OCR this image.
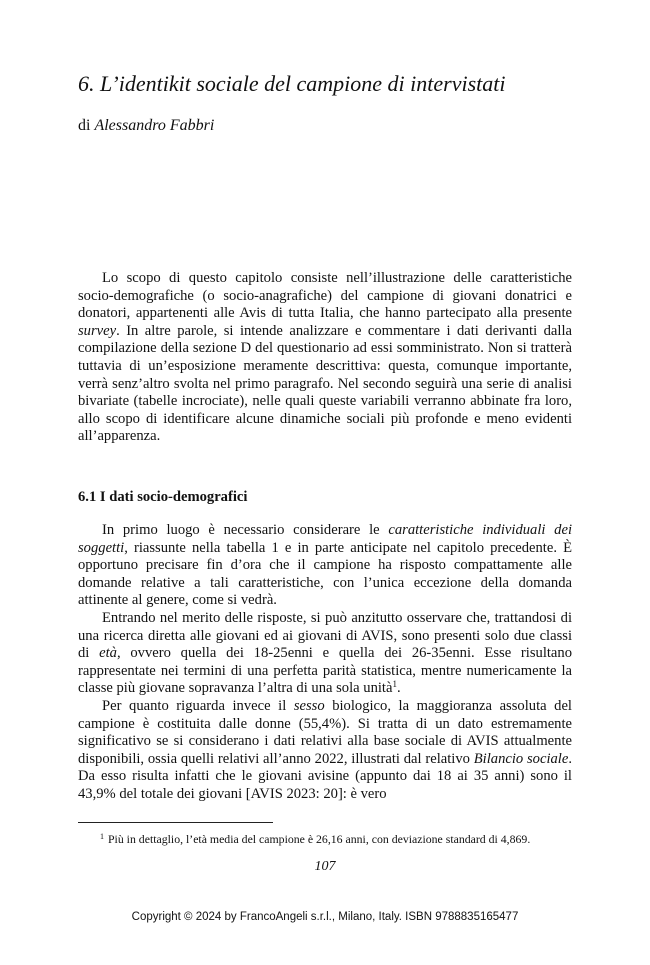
6. L’identikit sociale del campione di intervistati
di Alessandro Fabbri

Lo scopo di questo capitolo consiste nell’illustrazione delle caratteristiche socio-demografiche (o socio-anagrafiche) del campione di giovani donatrici e donatori, appartenenti alle Avis di tutta Italia, che hanno partecipato alla presente survey. In altre parole, si intende analizzare e commentare i dati derivanti dalla compilazione della sezione D del questionario ad essi somministrato. Non si tratterà tuttavia di un’esposizione meramente descrittiva: questa, comunque importante, verrà senz’altro svolta nel primo paragrafo. Nel secondo seguirà una serie di analisi bivariate (tabelle incrociate), nelle quali queste variabili verranno abbinate fra loro, allo scopo di identificare alcune dinamiche sociali più profonde e meno evidenti all’apparenza.

6.1 I dati socio-demografici

In primo luogo è necessario considerare le caratteristiche individuali dei soggetti, riassunte nella tabella 1 e in parte anticipate nel capitolo precedente. È opportuno precisare fin d’ora che il campione ha risposto compattamente alle domande relative a tali caratteristiche, con l’unica eccezione della domanda attinente al genere, come si vedrà.

Entrando nel merito delle risposte, si può anzitutto osservare che, trattandosi di una ricerca diretta alle giovani ed ai giovani di AVIS, sono presenti solo due classi di età, ovvero quella dei 18-25enni e quella dei 26-35enni. Esse risultano rappresentate nei termini di una perfetta parità statistica, mentre numericamente la classe più giovane sopravanza l’altra di una sola unità$^1$.

Per quanto riguarda invece il sesso biologico, la maggioranza assoluta del campione è costituita dalle donne (55,4%). Si tratta di un dato estremamente significativo se si considerano i dati relativi alla base sociale di AVIS attualmente disponibili, ossia quelli relativi all’anno 2022, illustrati dal relativo Bilancio sociale. Da esso risulta infatti che le giovani avisine (appunto dai 18 ai 35 anni) sono il 43,9% del totale dei giovani [AVIS 2023: 20]: è vero

$^1$ Più in dettaglio, l’età media del campione è 26,16 anni, con deviazione standard di 4,869.
107
Copyright © 2024 by FrancoAngeli s.r.l., Milano, Italy. ISBN 9788835165477
